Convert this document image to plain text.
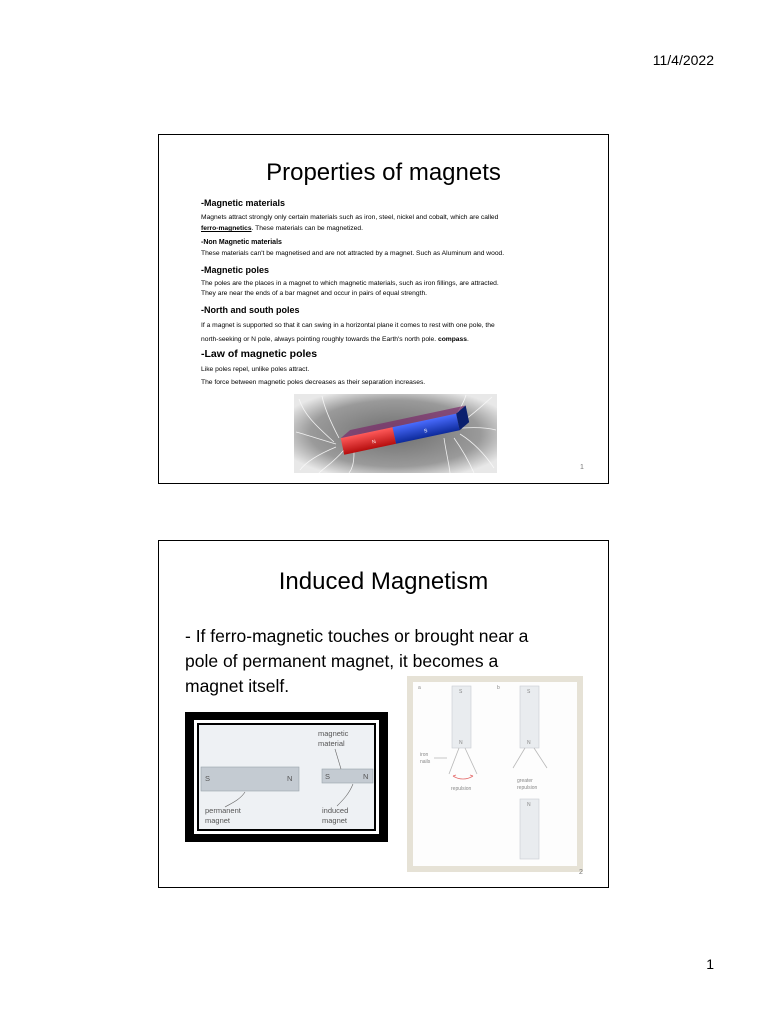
11/4/2022
Properties of magnets
-Magnetic materials
Magnets attract strongly only certain materials such as iron, steel, nickel and cobalt, which are called
ferro-magnetics. These materials can be magnetized.
-Non Magnetic materials
These materials can't be magnetised and are not attracted by a magnet. Such as Aluminum and wood.
-Magnetic poles
The poles are the places in a magnet to which magnetic materials, such as iron fillings, are attracted.
They are near the ends of a bar magnet and occur in pairs of equal strength.
-North and south poles
If a magnet is supported so that it can swing in a horizontal plane it comes to rest with one pole, the
north-seeking or N pole, always pointing roughly towards the Earth's north pole. compass.
-Law of magnetic poles
Like poles repel, unlike poles attract.
The force between magnetic poles decreases as their separation increases.
N
S
1
Induced Magnetism
- If ferro-magnetic touches or brought near a
pole of permanent magnet, it becomes a
magnet itself.
S	N	S	N
magnetic
material
permanent
magnet
induced
magnet
a	b
S
N
S
N
N
iron
nails
repulsion
greater
repulsion
2
1
